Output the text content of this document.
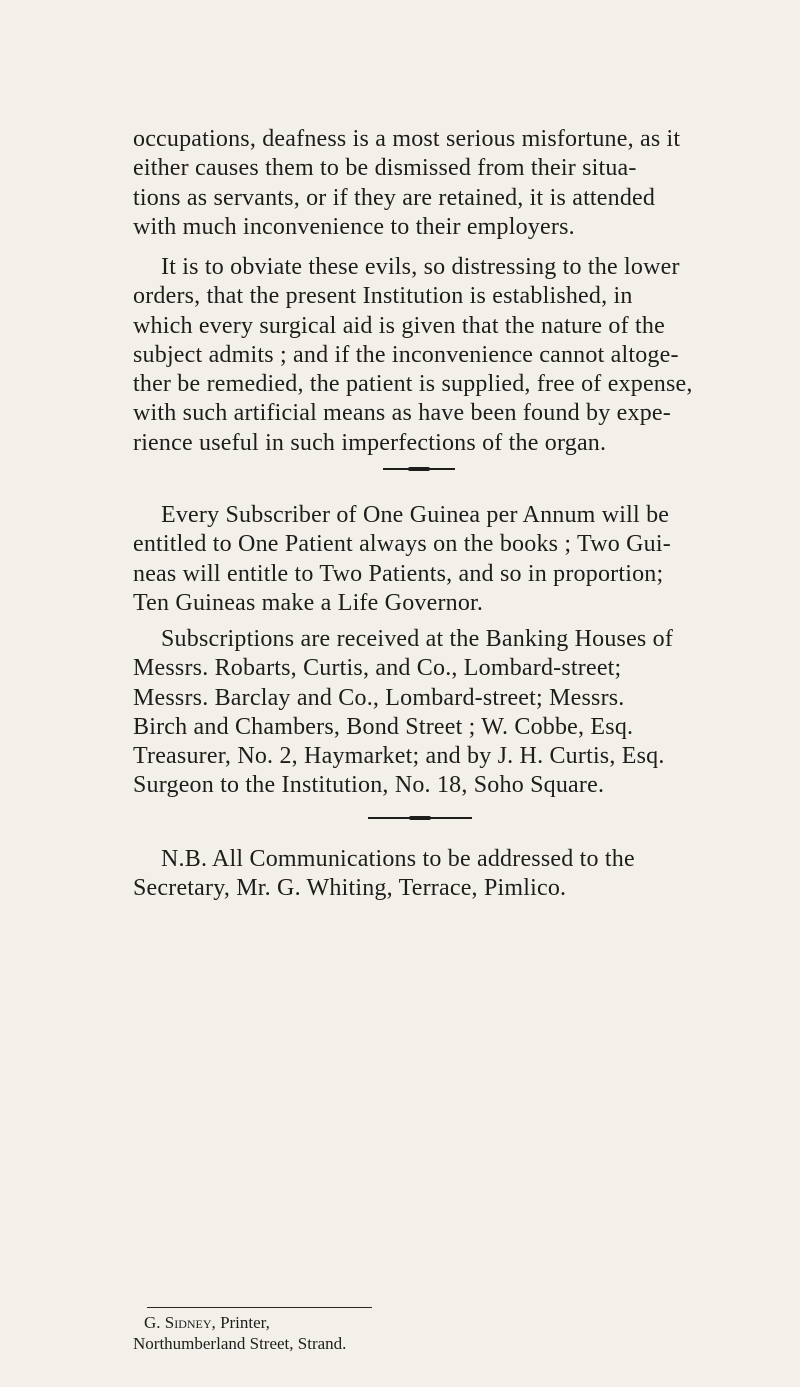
occupations, deafness is a most serious misfortune, as it
either causes them to be dismissed from their situa-
tions as servants, or if they are retained, it is attended
with much inconvenience to their employers.
It is to obviate these evils, so distressing to the lower
orders, that the present Institution is established, in
which every surgical aid is given that the nature of the
subject admits ; and if the inconvenience cannot altoge-
ther be remedied, the patient is supplied, free of expense,
with such artificial means as have been found by expe-
rience useful in such imperfections of the organ.
Every Subscriber of One Guinea per Annum will be
entitled to One Patient always on the books ; Two Gui-
neas will entitle to Two Patients, and so in proportion;
Ten Guineas make a Life Governor.
Subscriptions are received at the Banking Houses of
Messrs. Robarts, Curtis, and Co., Lombard-street;
Messrs. Barclay and Co., Lombard-street; Messrs.
Birch and Chambers, Bond Street ; W. Cobbe, Esq.
Treasurer, No. 2, Haymarket; and by J. H. Curtis, Esq.
Surgeon to the Institution, No. 18, Soho Square.
N.B. All Communications to be addressed to the
Secretary, Mr. G. Whiting, Terrace, Pimlico.
G. Sidney, Printer,
Northumberland Street, Strand.
